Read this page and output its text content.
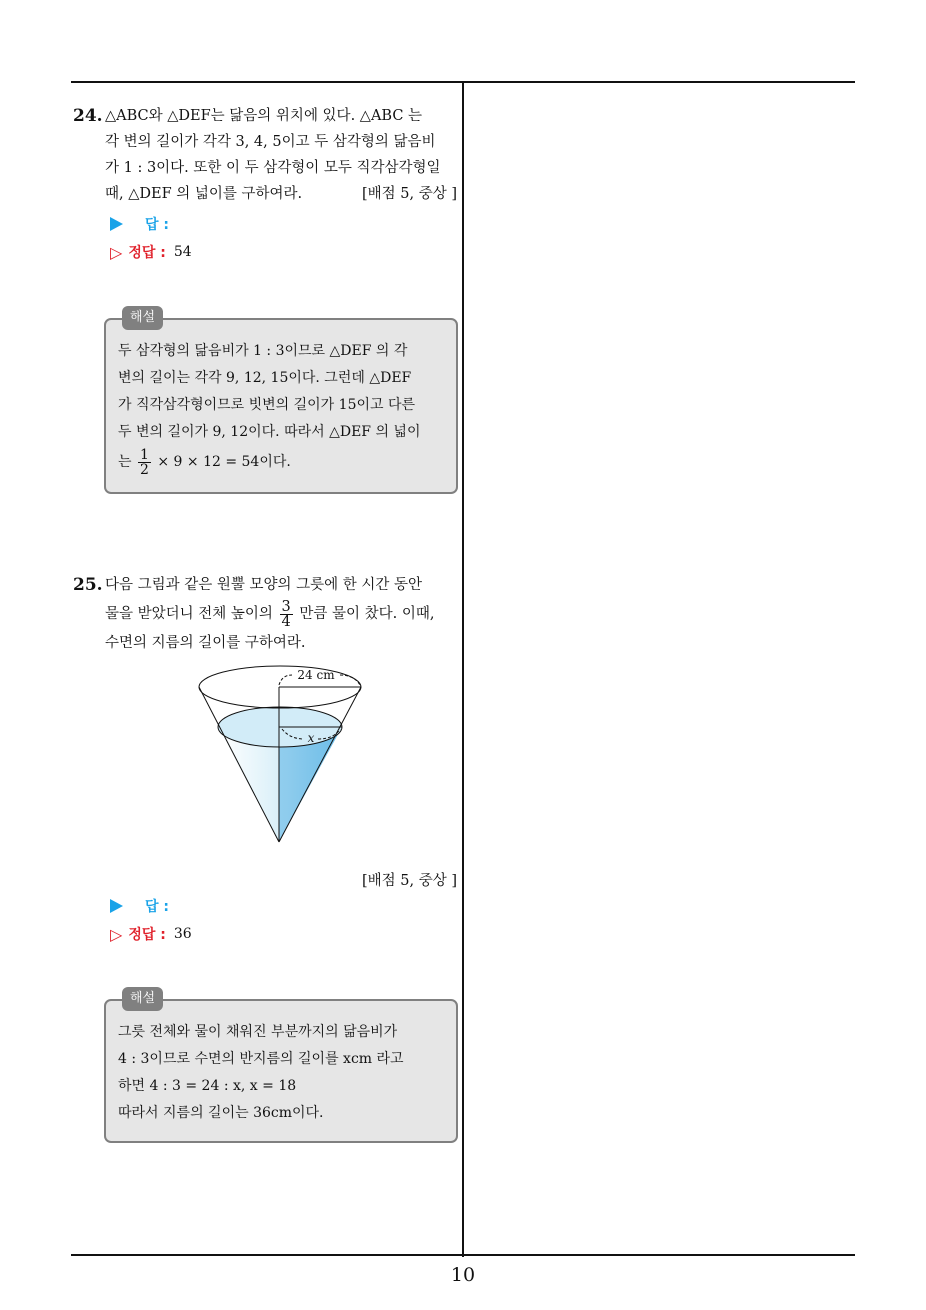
24. △ABC와 △DEF는 닮음의 위치에 있다. △ABC 는
각 변의 길이가 각각 3, 4, 5이고 두 삼각형의 닮음비
가 1 : 3이다. 또한 이 두 삼각형이 모두 직각삼각형일
때, △DEF 의 넓이를 구하여라.	[배점 5, 중상 ]
답 :
▷ 정답 : 54
해설
두 삼각형의 닮음비가 1 : 3이므로 △DEF 의 각
변의 길이는 각각 9, 12, 15이다. 그런데 △DEF
가 직각삼각형이므로 빗변의 길이가 15이고 다른
두 변의 길이가 9, 12이다. 따라서 △DEF 의 넓이
는 $\frac{1}{2} \times 9 \times 12 = 54$이다.
25. 다음 그림과 같은 원뿔 모양의 그릇에 한 시간 동안
물을 받았더니 전체 높이의 $\frac{3}{4}$ 만큼 물이 찼다. 이때,
수면의 지름의 길이를 구하여라.
24 cm
x
[배점 5, 중상 ]
답 :
▷ 정답 : 36
해설
그릇 전체와 물이 채워진 부분까지의 닮음비가
4 : 3이므로 수면의 반지름의 길이를 xcm 라고
하면 4 : 3 = 24 : x, x = 18
따라서 지름의 길이는 36cm이다.
10
